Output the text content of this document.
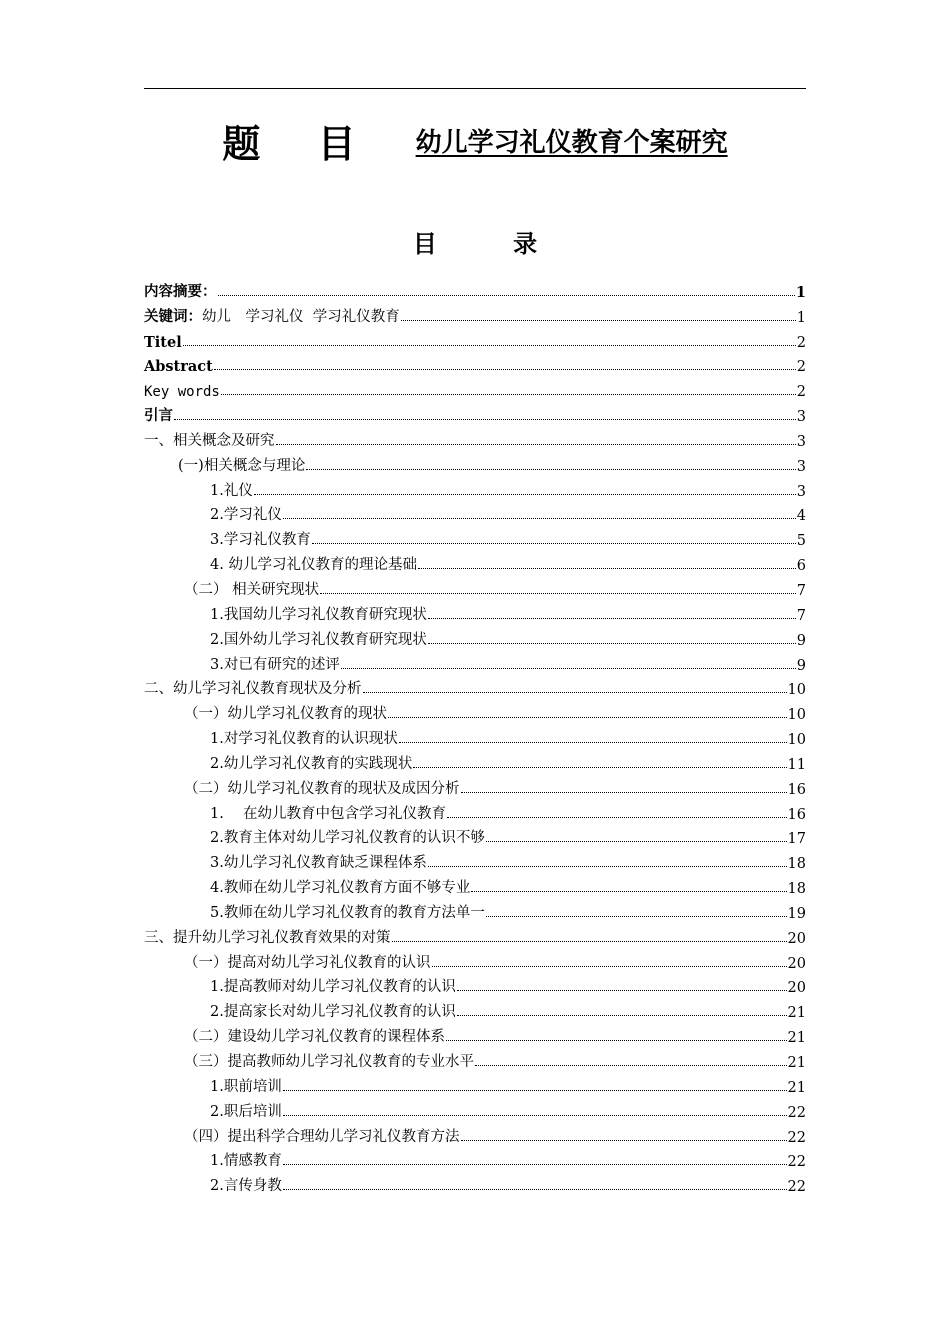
题 目	幼儿学习礼仪教育个案研究
目 录
内容摘要：	1
关键词： 幼儿　学习礼仪  学习礼仪教育	1
Titel	2
Abstract	2
Key words	2
引言	3
一、相关概念及研究	3
(一)相关概念与理论	3
1.礼仪	3
2.学习礼仪	4
3.学习礼仪教育	5
4. 幼儿学习礼仪教育的理论基础	6
（二） 相关研究现状	7
1.我国幼儿学习礼仪教育研究现状	7
2.国外幼儿学习礼仪教育研究现状	9
3.对已有研究的述评	9
二、幼儿学习礼仪教育现状及分析	10
（一）幼儿学习礼仪教育的现状	10
1.对学习礼仪教育的认识现状	10
2.幼儿学习礼仪教育的实践现状	11
（二）幼儿学习礼仪教育的现状及成因分析	16
1.　 在幼儿教育中包含学习礼仪教育	16
2.教育主体对幼儿学习礼仪教育的认识不够	17
3.幼儿学习礼仪教育缺乏课程体系	18
4.教师在幼儿学习礼仪教育方面不够专业	18
5.教师在幼儿学习礼仪教育的教育方法单一	19
三、提升幼儿学习礼仪教育效果的对策	20
（一）提高对幼儿学习礼仪教育的认识	20
1.提高教师对幼儿学习礼仪教育的认识	20
2.提高家长对幼儿学习礼仪教育的认识	21
（二）建设幼儿学习礼仪教育的课程体系	21
（三）提高教师幼儿学习礼仪教育的专业水平	21
1.职前培训	21
2.职后培训	22
（四）提出科学合理幼儿学习礼仪教育方法	22
1.情感教育	22
2.言传身教	22
